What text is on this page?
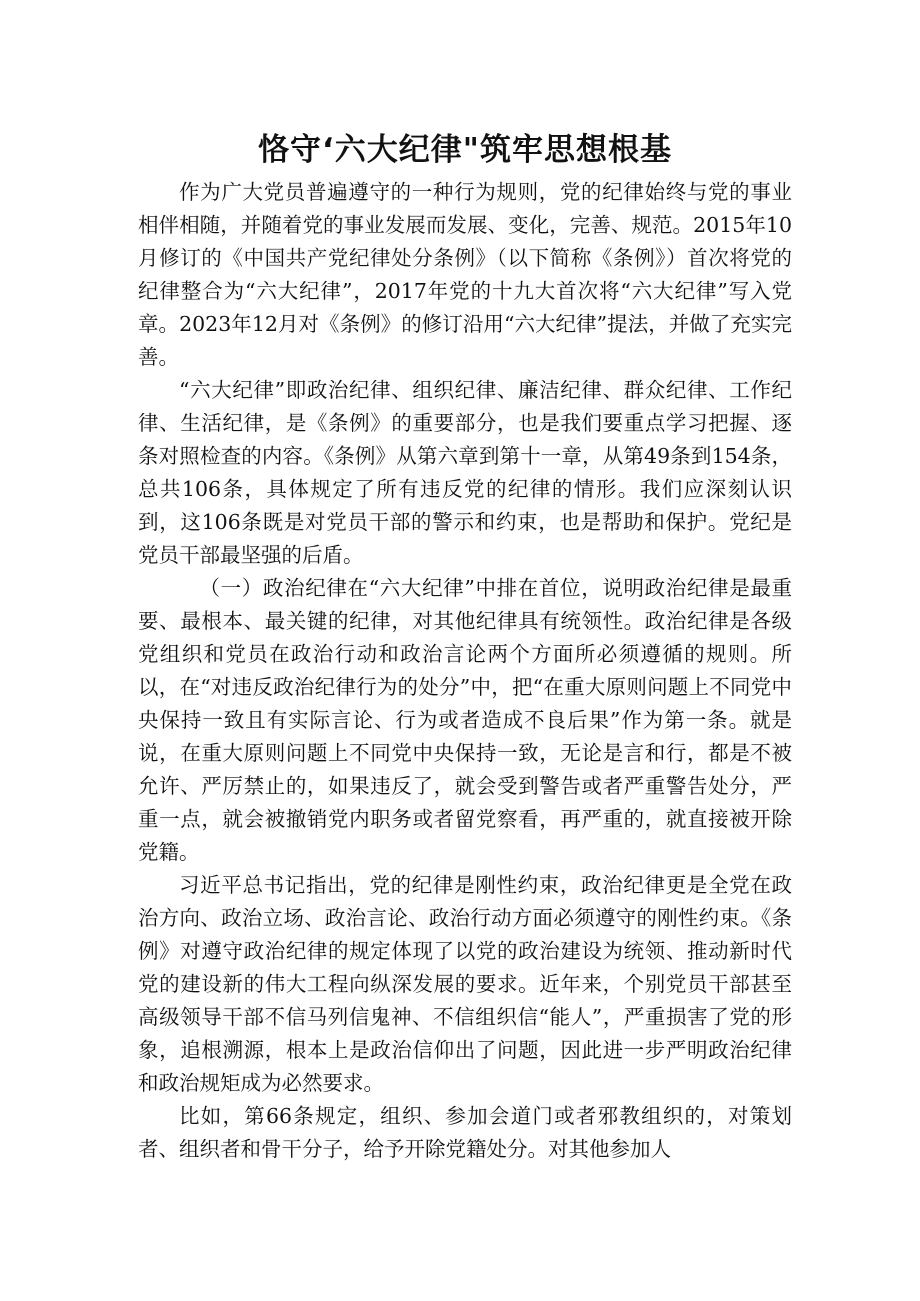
恪守‘六大纪律"筑牢思想根基

作为广大党员普遍遵守的一种行为规则，党的纪律始终与党的事业相伴相随，并随着党的事业发展而发展、变化，完善、规范。2015年10月修订的《中国共产党纪律处分条例》（以下简称《条例》）首次将党的纪律整合为“六大纪律”，2017年党的十九大首次将“六大纪律”写入党章。2023年12月对《条例》的修订沿用“六大纪律”提法，并做了充实完善。

“六大纪律”即政治纪律、组织纪律、廉洁纪律、群众纪律、工作纪律、生活纪律，是《条例》的重要部分，也是我们要重点学习把握、逐条对照检查的内容。《条例》从第六章到第十一章，从第49条到154条，总共106条，具体规定了所有违反党的纪律的情形。我们应深刻认识到，这106条既是对党员干部的警示和约束，也是帮助和保护。党纪是党员干部最坚强的后盾。

（一）政治纪律在“六大纪律”中排在首位，说明政治纪律是最重要、最根本、最关键的纪律，对其他纪律具有统领性。政治纪律是各级党组织和党员在政治行动和政治言论两个方面所必须遵循的规则。所以，在“对违反政治纪律行为的处分”中，把“在重大原则问题上不同党中央保持一致且有实际言论、行为或者造成不良后果”作为第一条。就是说，在重大原则问题上不同党中央保持一致，无论是言和行，都是不被允许、严厉禁止的，如果违反了，就会受到警告或者严重警告处分，严重一点，就会被撤销党内职务或者留党察看，再严重的，就直接被开除党籍。

习近平总书记指出，党的纪律是刚性约束，政治纪律更是全党在政治方向、政治立场、政治言论、政治行动方面必须遵守的刚性约束。《条例》对遵守政治纪律的规定体现了以党的政治建设为统领、推动新时代党的建设新的伟大工程向纵深发展的要求。近年来，个别党员干部甚至高级领导干部不信马列信鬼神、不信组织信“能人”，严重损害了党的形象，追根溯源，根本上是政治信仰出了问题，因此进一步严明政治纪律和政治规矩成为必然要求。

比如，第66条规定，组织、参加会道门或者邪教组织的，对策划者、组织者和骨干分子，给予开除党籍处分。对其他参加人
